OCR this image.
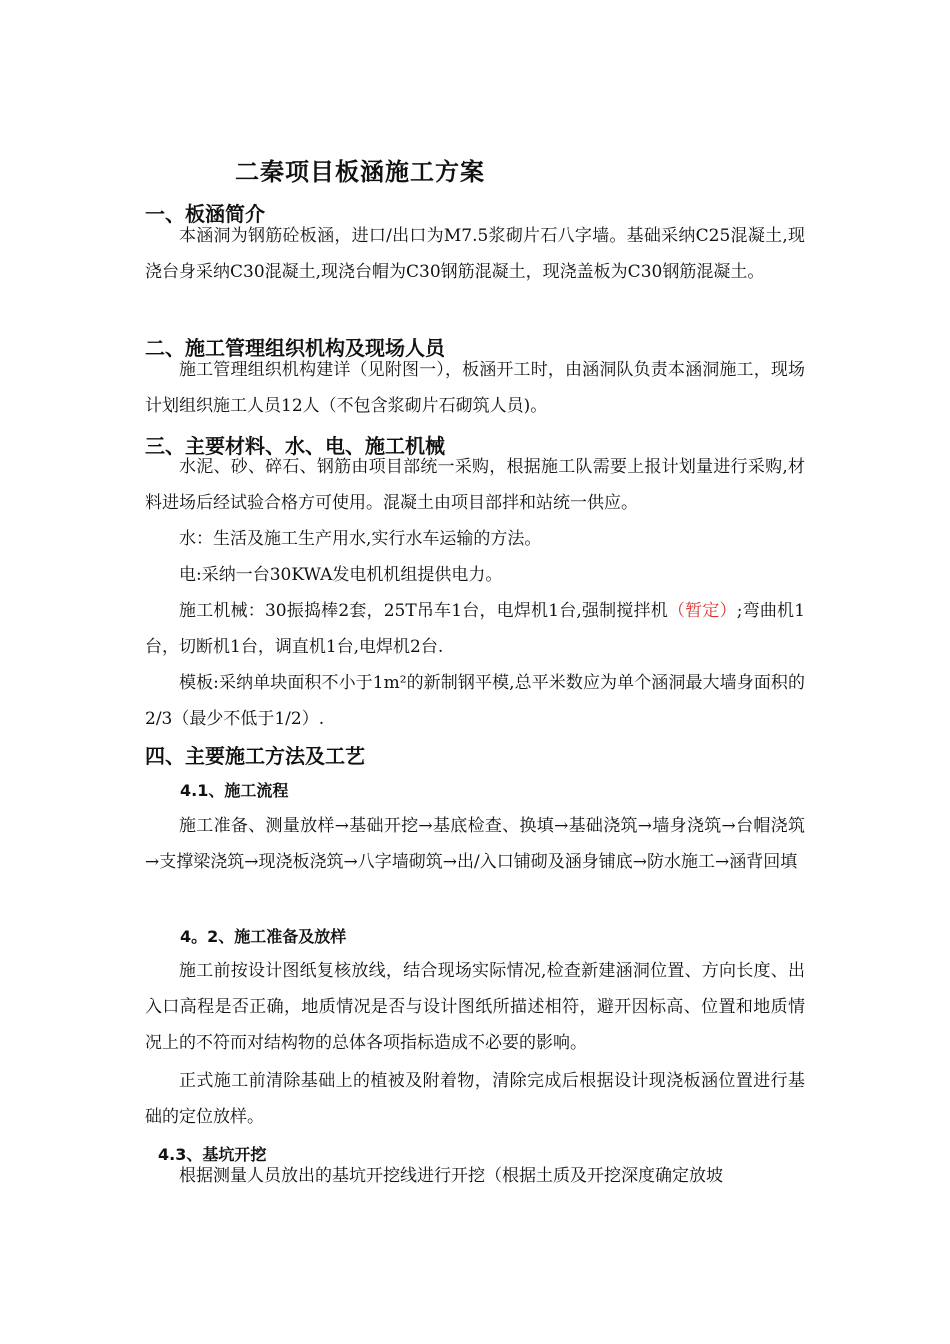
二秦项目板涵施工方案
一、板涵简介
本涵洞为钢筋砼板涵，进口/出口为M7.5浆砌片石八字墙。基础采纳C25混凝土,现浇台身采纳C30混凝土,现浇台帽为C30钢筋混凝土，现浇盖板为C30钢筋混凝土。
二、施工管理组织机构及现场人员
施工管理组织机构建详（见附图一），板涵开工时，由涵洞队负责本涵洞施工，现场计划组织施工人员12人（不包含浆砌片石砌筑人员)。
三、主要材料、水、电、施工机械
水泥、砂、碎石、钢筋由项目部统一采购，根据施工队需要上报计划量进行采购,材料进场后经试验合格方可使用。混凝土由项目部拌和站统一供应。
水：生活及施工生产用水,实行水车运输的方法。
电:采纳一台30KWA发电机机组提供电力。
施工机械：30振捣棒2套，25T吊车1台，电焊机1台,强制搅拌机（暂定）;弯曲机1台，切断机1台，调直机1台,电焊机2台.
模板:采纳单块面积不小于1m²的新制钢平模,总平米数应为单个涵洞最大墙身面积的2/3（最少不低于1/2）.
四、主要施工方法及工艺
4.1、施工流程
施工准备、测量放样→基础开挖→基底检查、换填→基础浇筑→墙身浇筑→台帽浇筑→支撑梁浇筑→现浇板浇筑→八字墙砌筑→出/入口铺砌及涵身铺底→防水施工→涵背回填
4。2、施工准备及放样
施工前按设计图纸复核放线，结合现场实际情况,检查新建涵洞位置、方向长度、出入口高程是否正确，地质情况是否与设计图纸所描述相符，避开因标高、位置和地质情况上的不符而对结构物的总体各项指标造成不必要的影响。
正式施工前清除基础上的植被及附着物，清除完成后根据设计现浇板涵位置进行基础的定位放样。
4.3、基坑开挖
根据测量人员放出的基坑开挖线进行开挖（根据土质及开挖深度确定放坡
